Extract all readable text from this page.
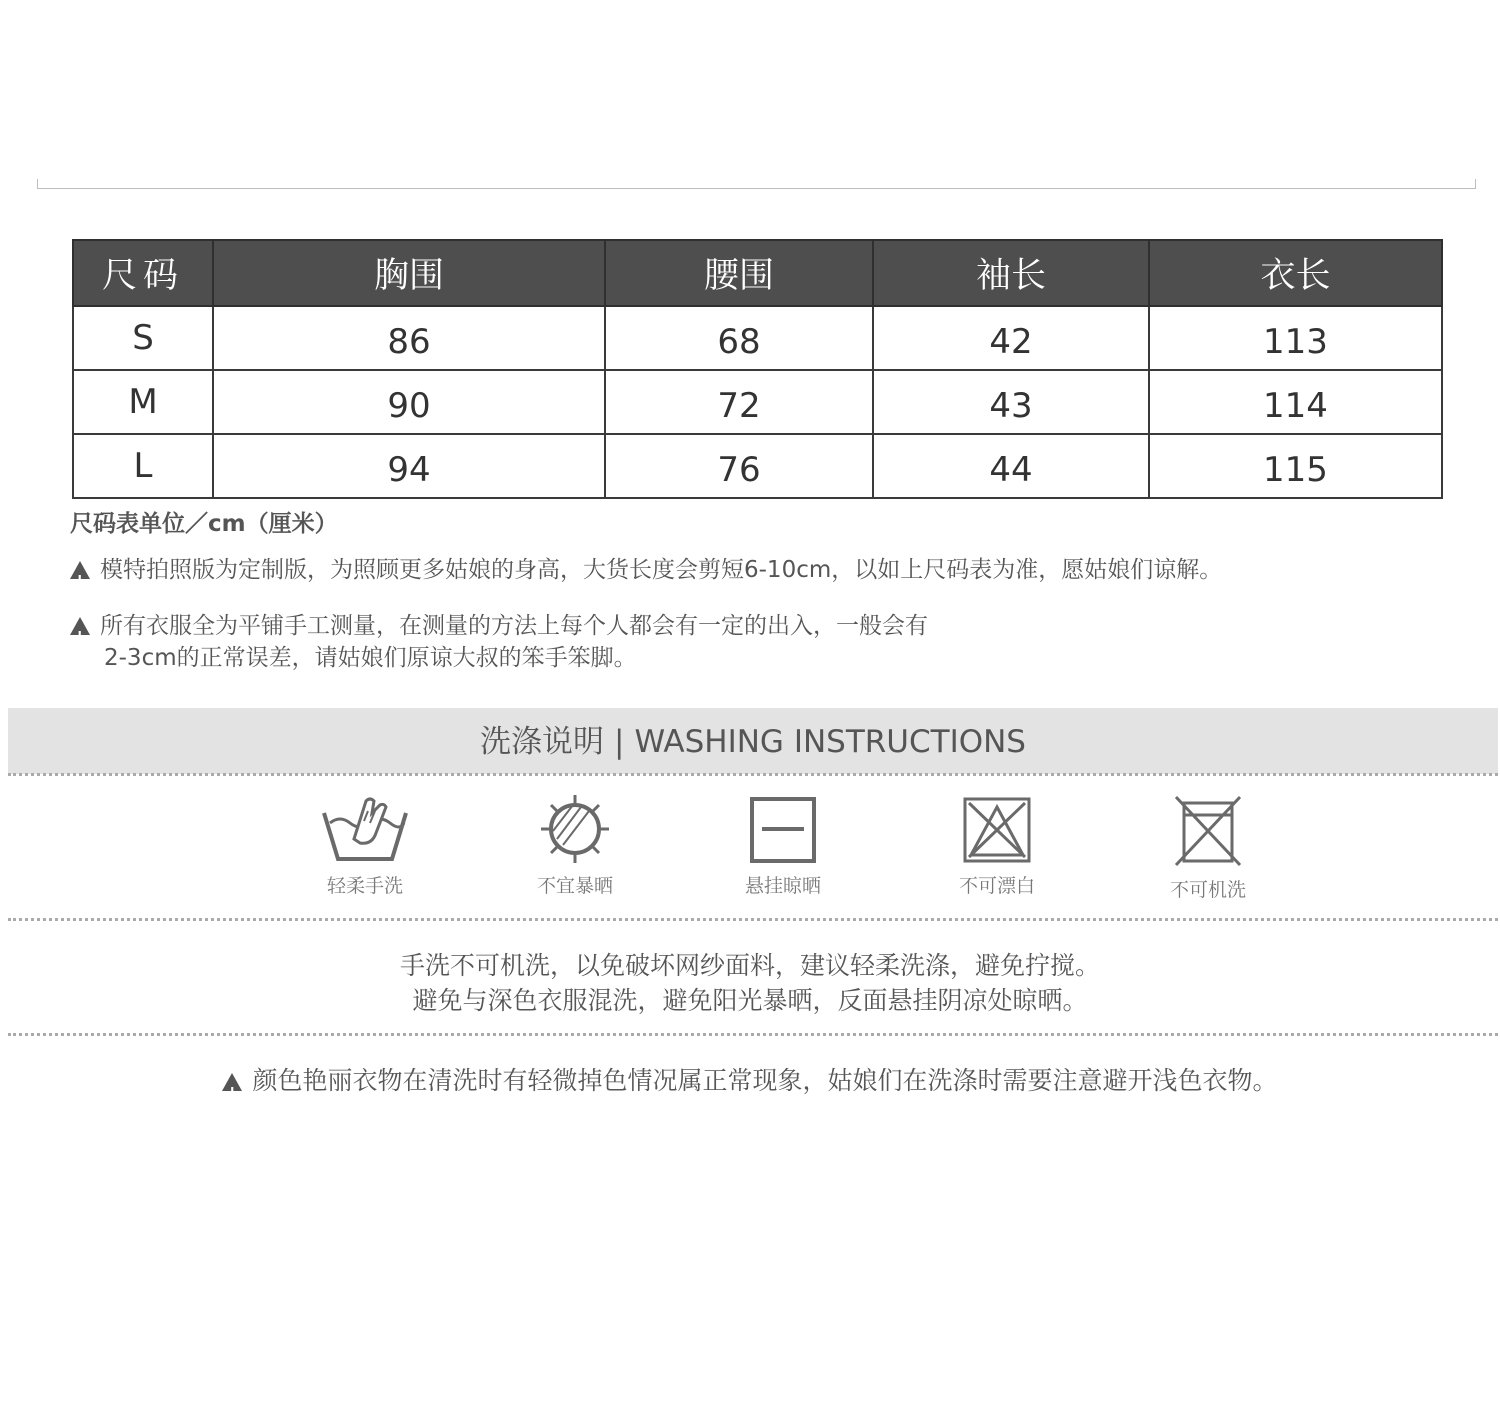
尺码	胸围	腰围	袖长	衣长
S	86	68	42	113
M	90	72	43	114
L	94	76	44	115
尺码表单位／cm（厘米）
!模特拍照版为定制版，为照顾更多姑娘的身高，大货长度会剪短6-10cm，以如上尺码表为准，愿姑娘们谅解。
!所有衣服全为平铺手工测量，在测量的方法上每个人都会有一定的出入，一般会有
2-3cm的正常误差，请姑娘们原谅大叔的笨手笨脚。
洗涤说明 | WASHING INSTRUCTIONS
轻柔手洗	不宜暴晒	悬挂晾晒	不可漂白	不可机洗
手洗不可机洗，以免破坏网纱面料，建议轻柔洗涤，避免拧搅。
避免与深色衣服混洗，避免阳光暴晒，反面悬挂阴凉处晾晒。
!颜色艳丽衣物在清洗时有轻微掉色情况属正常现象，姑娘们在洗涤时需要注意避开浅色衣物。
